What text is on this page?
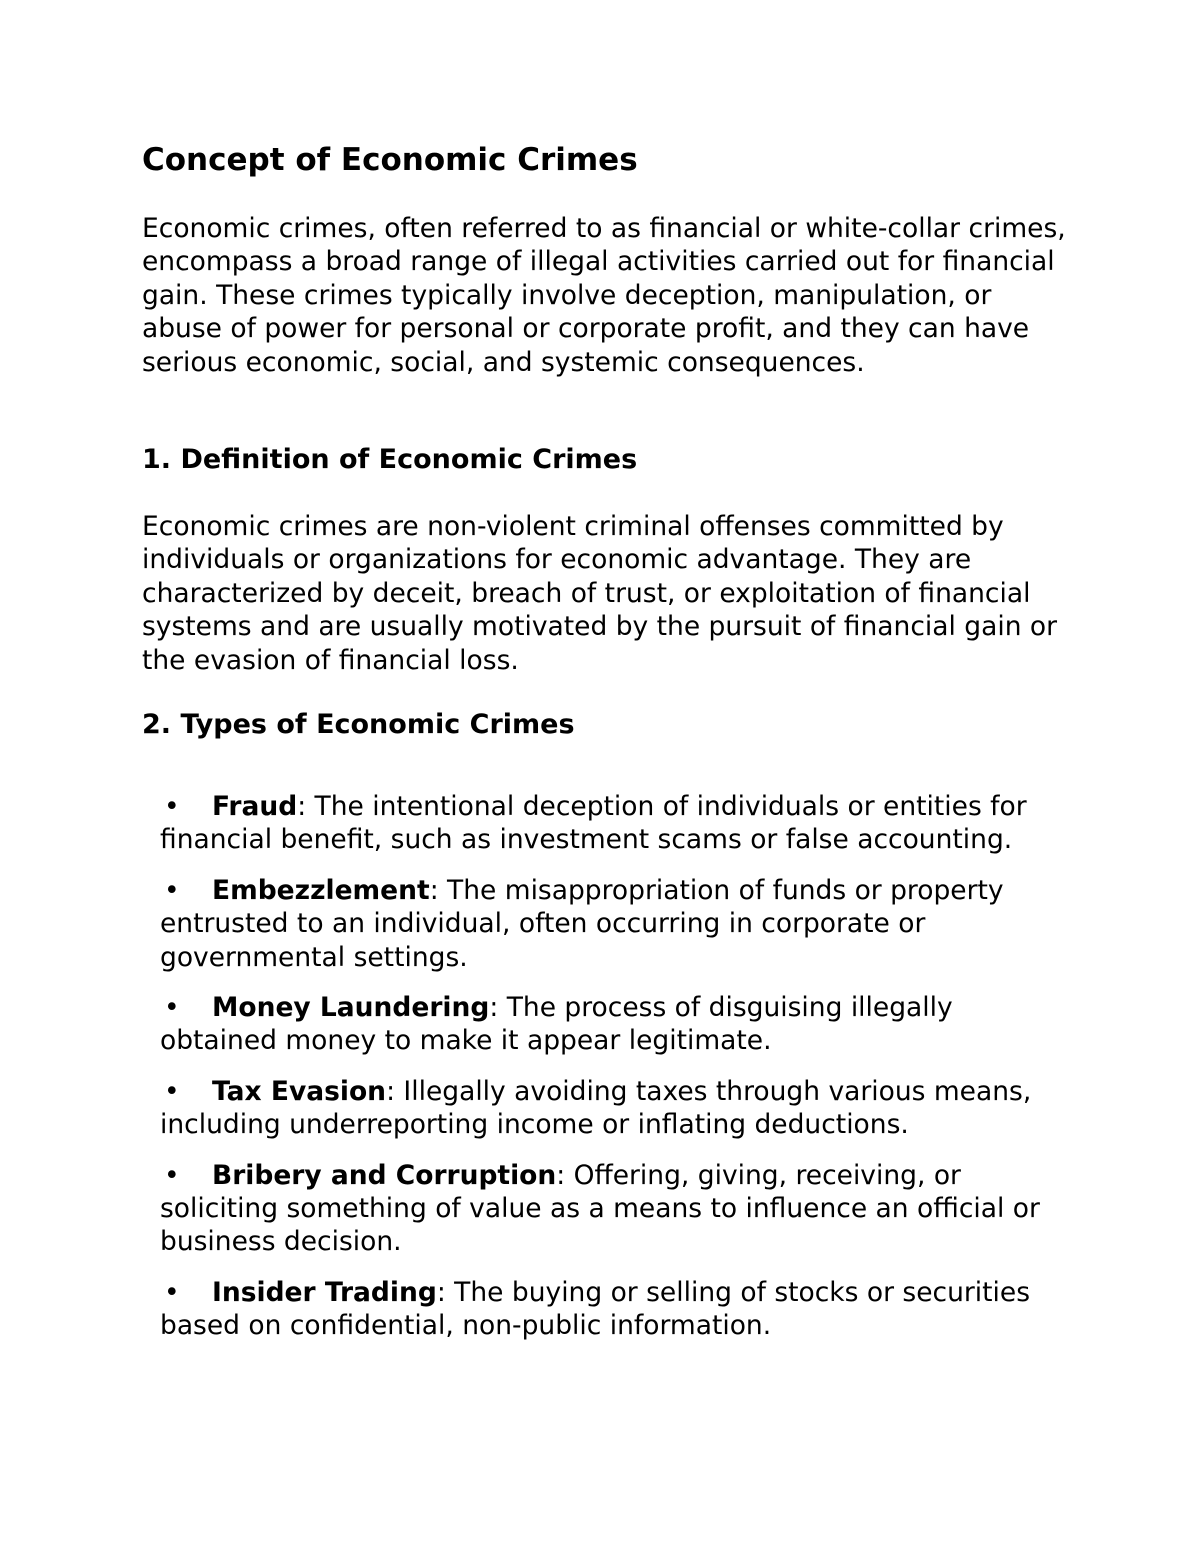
Concept of Economic Crimes

Economic crimes, often referred to as financial or white-collar crimes, encompass a broad range of illegal activities carried out for financial gain. These crimes typically involve deception, manipulation, or abuse of power for personal or corporate profit, and they can have serious economic, social, and systemic consequences.

1. Definition of Economic Crimes

Economic crimes are non-violent criminal offenses committed by individuals or organizations for economic advantage. They are characterized by deceit, breach of trust, or exploitation of financial systems and are usually motivated by the pursuit of financial gain or the evasion of financial loss.

2. Types of Economic Crimes
• Fraud: The intentional deception of individuals or entities for financial benefit, such as investment scams or false accounting.
• Embezzlement: The misappropriation of funds or property entrusted to an individual, often occurring in corporate or governmental settings.
• Money Laundering: The process of disguising illegally obtained money to make it appear legitimate.
• Tax Evasion: Illegally avoiding taxes through various means, including underreporting income or inflating deductions.
• Bribery and Corruption: Offering, giving, receiving, or soliciting something of value as a means to influence an official or business decision.
• Insider Trading: The buying or selling of stocks or securities based on confidential, non-public information.
